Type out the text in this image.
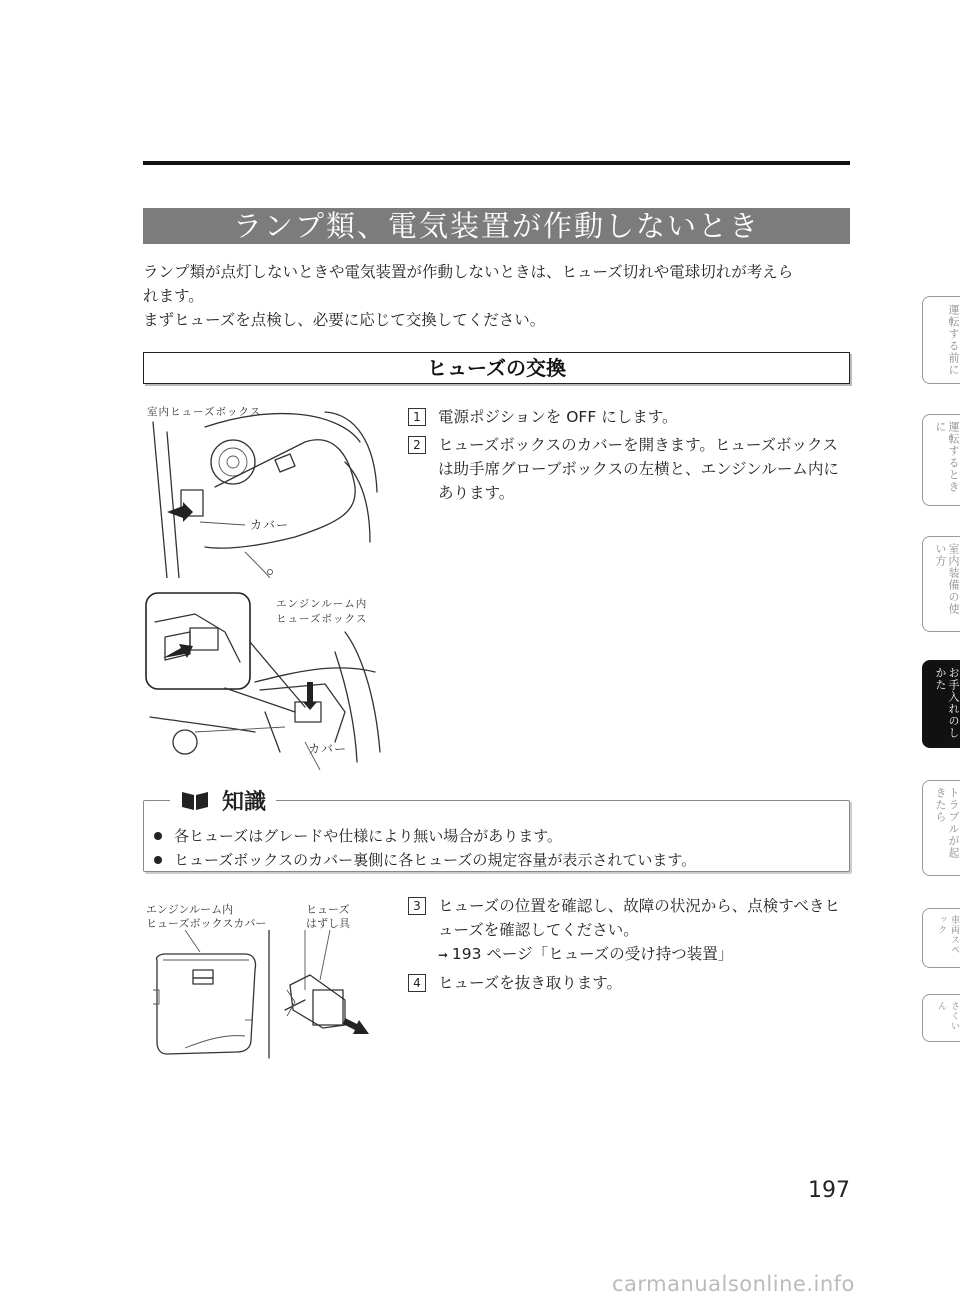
ランプ類、電気装置が作動しないとき

ランプ類が点灯しないときや電気装置が作動しないときは、ヒューズ切れや電球切れが考えら

れます。

まずヒューズを点検し、必要に応じて交換してください。

ヒューズの交換
室内ヒューズボックス
カバー
エンジンルーム内
ヒューズボックス
カバー
1	電源ポジションを OFF にします。
2	ヒューズボックスのカバーを開きます。ヒューズボックスは助手席グローブボックスの左横と、エンジンルーム内にあります。
知識
各ヒューズはグレードや仕様により無い場合があります。
ヒューズボックスのカバー裏側に各ヒューズの規定容量が表示されています。
エンジンルーム内
ヒューズボックスカバー
ヒューズ
はずし具
3	ヒューズの位置を確認し、故障の状況から、点検すべきヒューズを確認してください。
➞ 193 ページ「ヒューズの受け持つ装置」
4	ヒューズを抜き取ります。
運転する前に
運転するときに
室内装備の使い方
お手入れのしかた
トラブルが起きたら
車両スペック
さくいん
197
carmanualsonline.info
